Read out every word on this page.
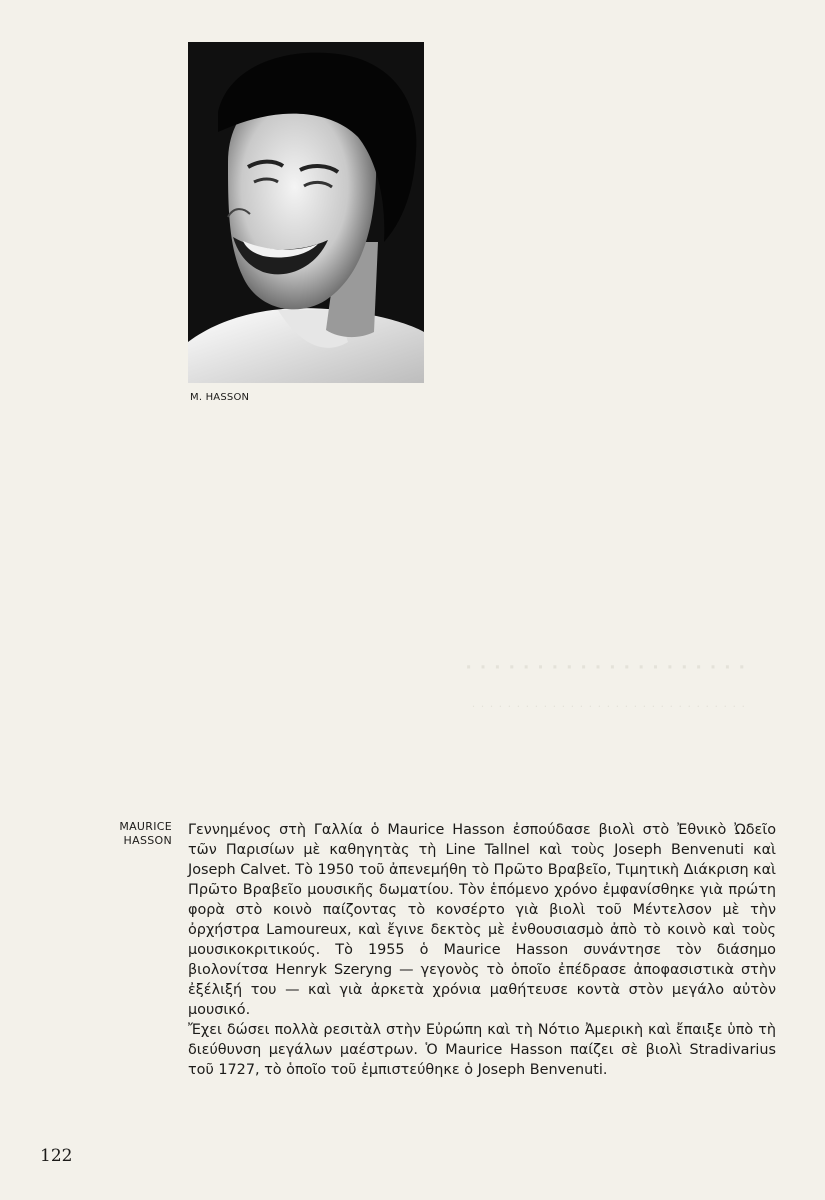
· · · · · · · · · · · · · · · · · · · ·
· · · · · · · · · · · · · · · · · · · · · · · · · · · · · · ·
M. HASSON
MAURICE
HASSON

Γεννημένος στὴ Γαλλία ὁ Maurice Hasson ἐσπούδασε βιολὶ στὸ Ἐθνικὸ Ὠδεῖο τῶν Παρισίων μὲ καθηγητὰς τὴ Line Tallnel καὶ τοὺς Joseph Benvenuti καὶ Joseph Calvet. Τὸ 1950 τοῦ ἀπενεμήθη τὸ Πρῶτο Βραβεῖο, Τιμητικὴ Διάκριση καὶ Πρῶτο Βραβεῖο μουσικῆς δωματίου. Τὸν ἑπόμενο χρόνο ἐμφανίσθηκε γιὰ πρώτη φορὰ στὸ κοινὸ παίζοντας τὸ κονσέρτο γιὰ βιολὶ τοῦ Μέντελσον μὲ τὴν ὀρχήστρα Lamoureux, καὶ ἔγινε δεκτὸς μὲ ἐνθουσιασμὸ ἀπὸ τὸ κοινὸ καὶ τοὺς μουσικοκριτικούς. Τὸ 1955 ὁ Maurice Hasson συνάντησε τὸν διάσημο βιολονίτσα Henryk Szeryng — γεγονὸς τὸ ὁποῖο ἐπέδρασε ἀποφασιστικὰ στὴν ἐξέλιξή του — καὶ γιὰ ἀρκετὰ χρόνια μαθήτευσε κοντὰ στὸν μεγάλο αὐτὸν μουσικό.

Ἔχει δώσει πολλὰ ρεσιτὰλ στὴν Εὐρώπη καὶ τὴ Νότιο Ἀμερικὴ καὶ ἔπαιξε ὑπὸ τὴ διεύθυνση μεγάλων μαέστρων. Ὁ Maurice Hasson παίζει σὲ βιολὶ Stradivarius τοῦ 1727, τὸ ὁποῖο τοῦ ἐμπιστεύθηκε ὁ Joseph Benvenuti.

122
